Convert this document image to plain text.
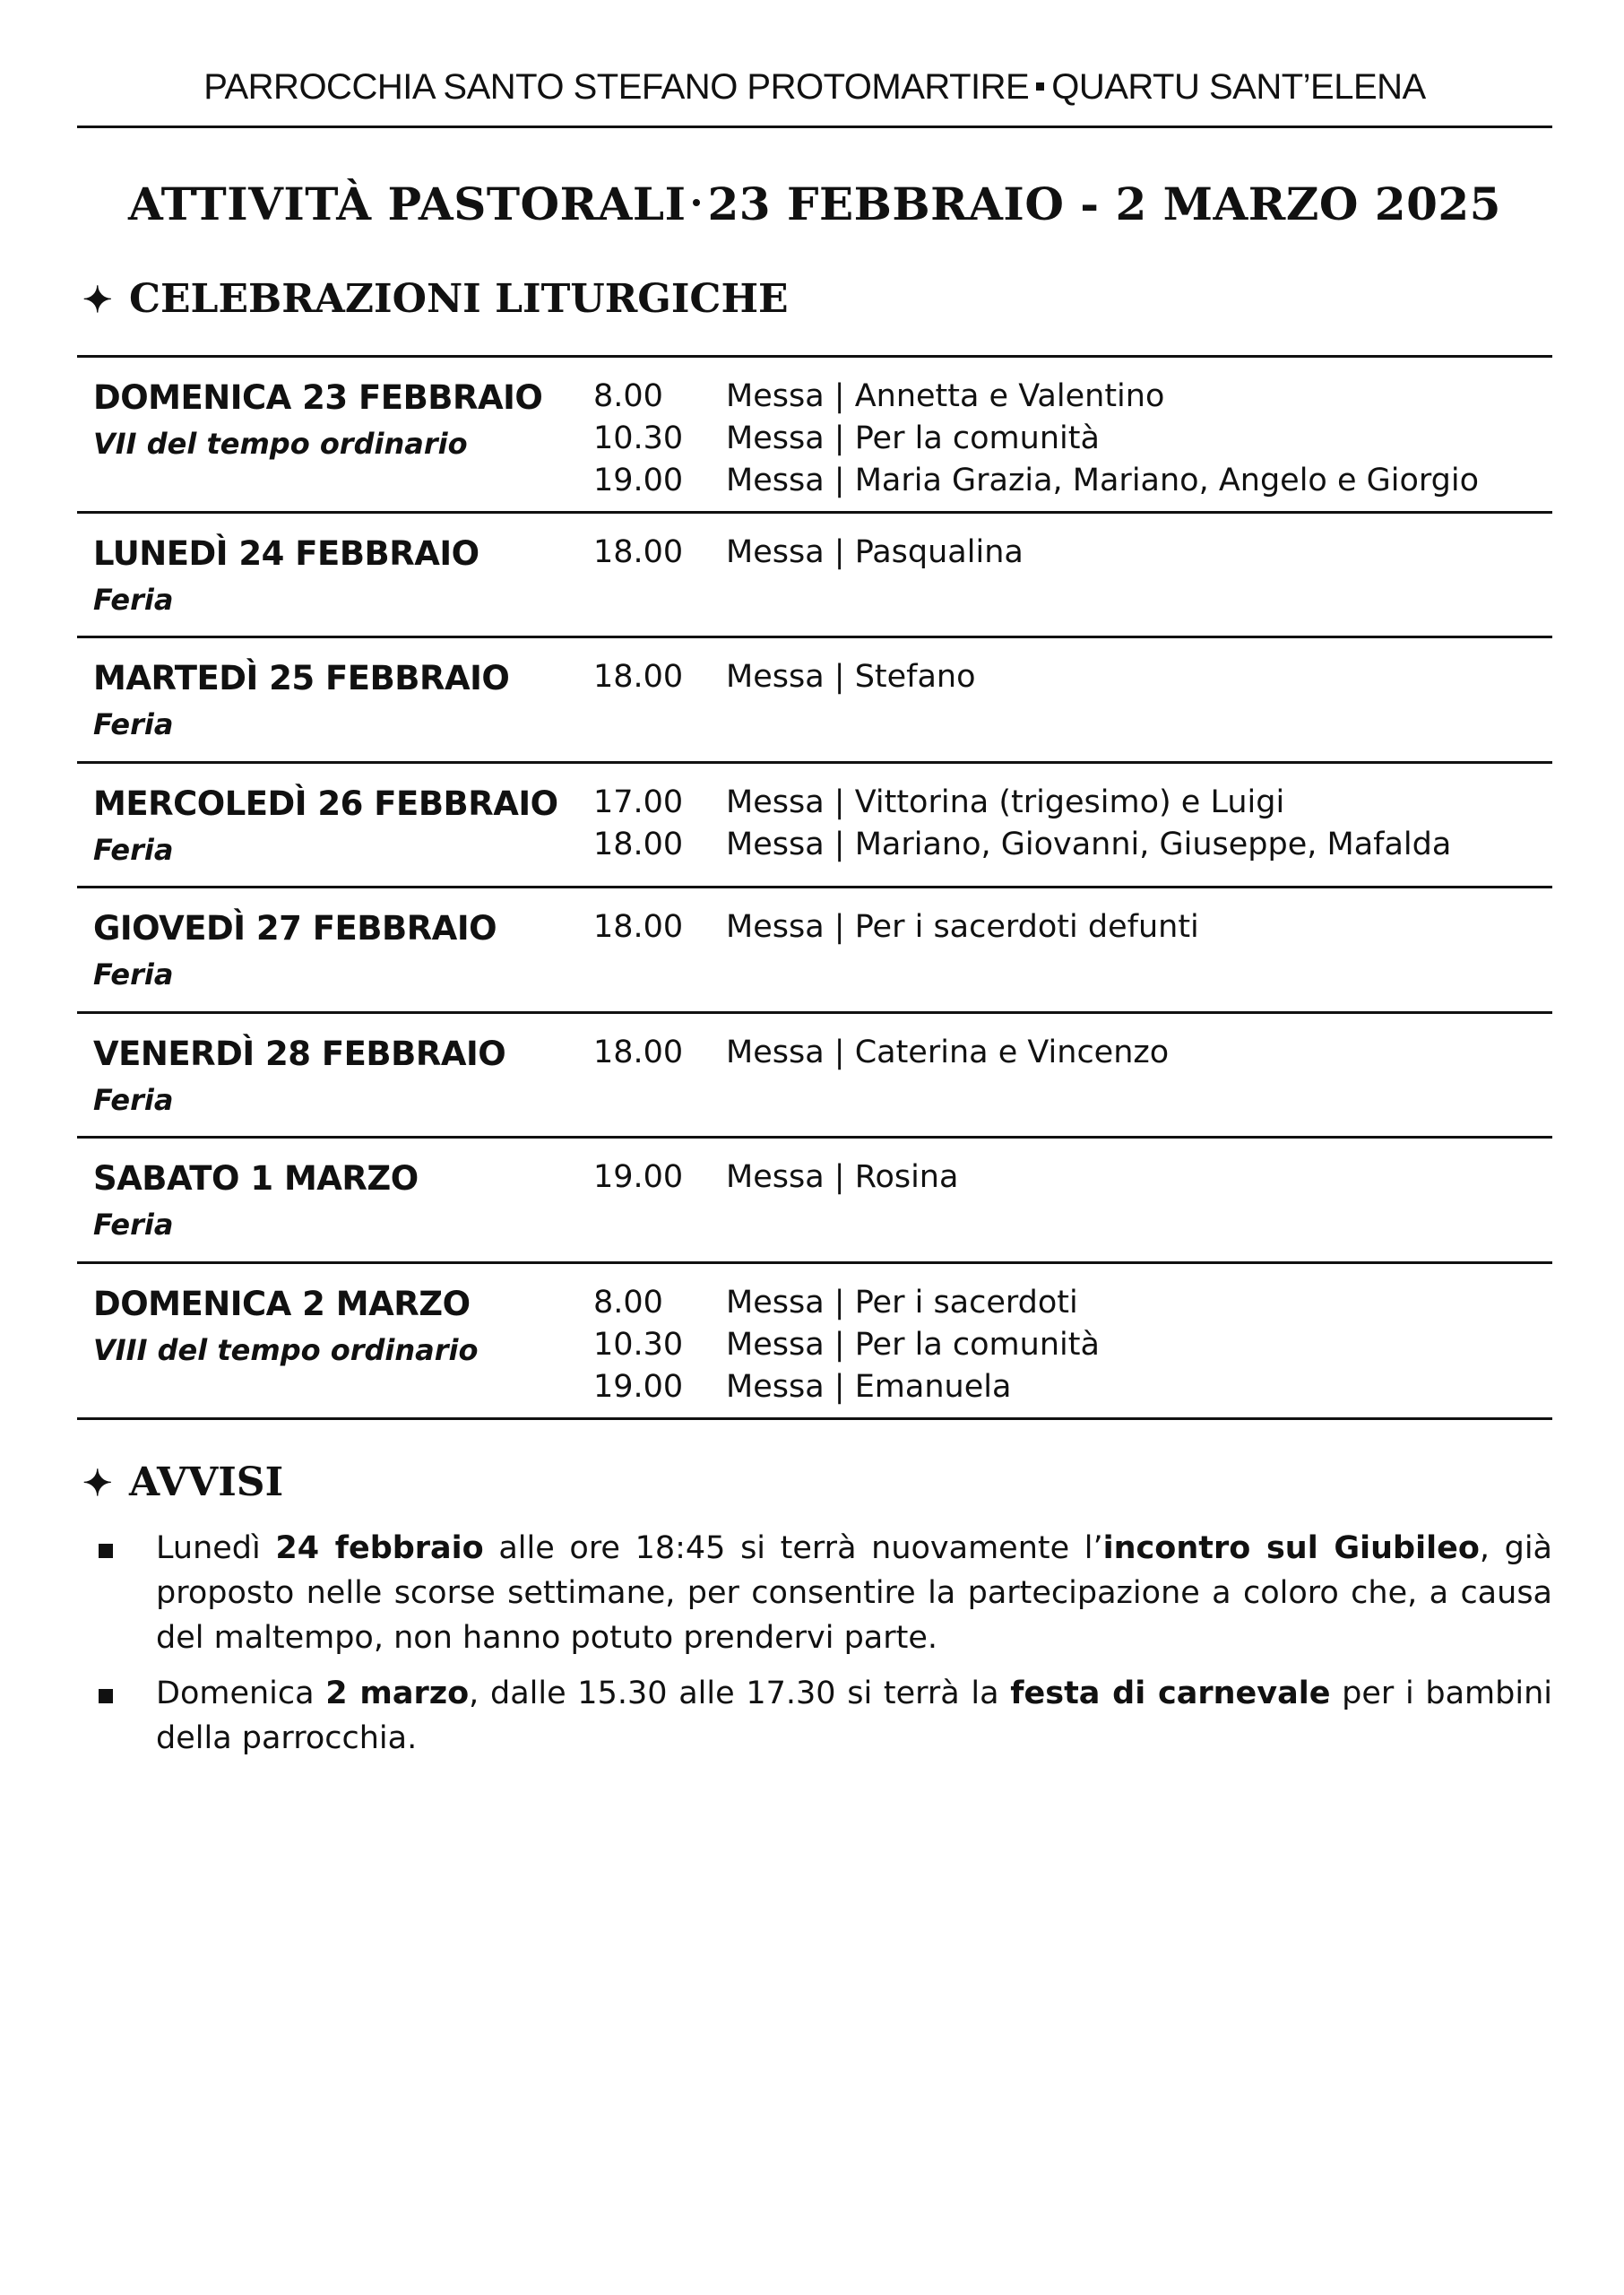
PARROCCHIA SANTO STEFANO PROTOMARTIRE QUARTU SANT’ELENA
ATTIVITÀ PASTORALI 23 FEBBRAIO - 2 MARZO 2025
✦ CELEBRAZIONI LITURGICHE
DOMENICA 23 FEBBRAIO
VII del tempo ordinario
8.00 Messa | Annetta e Valentino
10.30 Messa | Per la comunità
19.00 Messa | Maria Grazia, Mariano, Angelo e Giorgio
LUNEDÌ 24 FEBBRAIO
Feria
18.00 Messa | Pasqualina
MARTEDÌ 25 FEBBRAIO
Feria
18.00 Messa | Stefano
MERCOLEDÌ 26 FEBBRAIO
Feria
17.00 Messa | Vittorina (trigesimo) e Luigi
18.00 Messa | Mariano, Giovanni, Giuseppe, Mafalda
GIOVEDÌ 27 FEBBRAIO
Feria
18.00 Messa | Per i sacerdoti defunti
VENERDÌ 28 FEBBRAIO
Feria
18.00 Messa | Caterina e Vincenzo
SABATO 1 MARZO
Feria
19.00 Messa | Rosina
DOMENICA 2 MARZO
VIII del tempo ordinario
8.00 Messa | Per i sacerdoti
10.30 Messa | Per la comunità
19.00 Messa | Emanuela
✦ AVVISI
Lunedì 24 febbraio alle ore 18:45 si terrà nuovamente l’incontro sul Giubileo, già proposto nelle scorse settimane, per consentire la partecipazione a coloro che, a causa del maltempo, non hanno potuto prendervi parte.
Domenica 2 marzo, dalle 15.30 alle 17.30 si terrà la festa di carnevale per i bambini della parrocchia.
